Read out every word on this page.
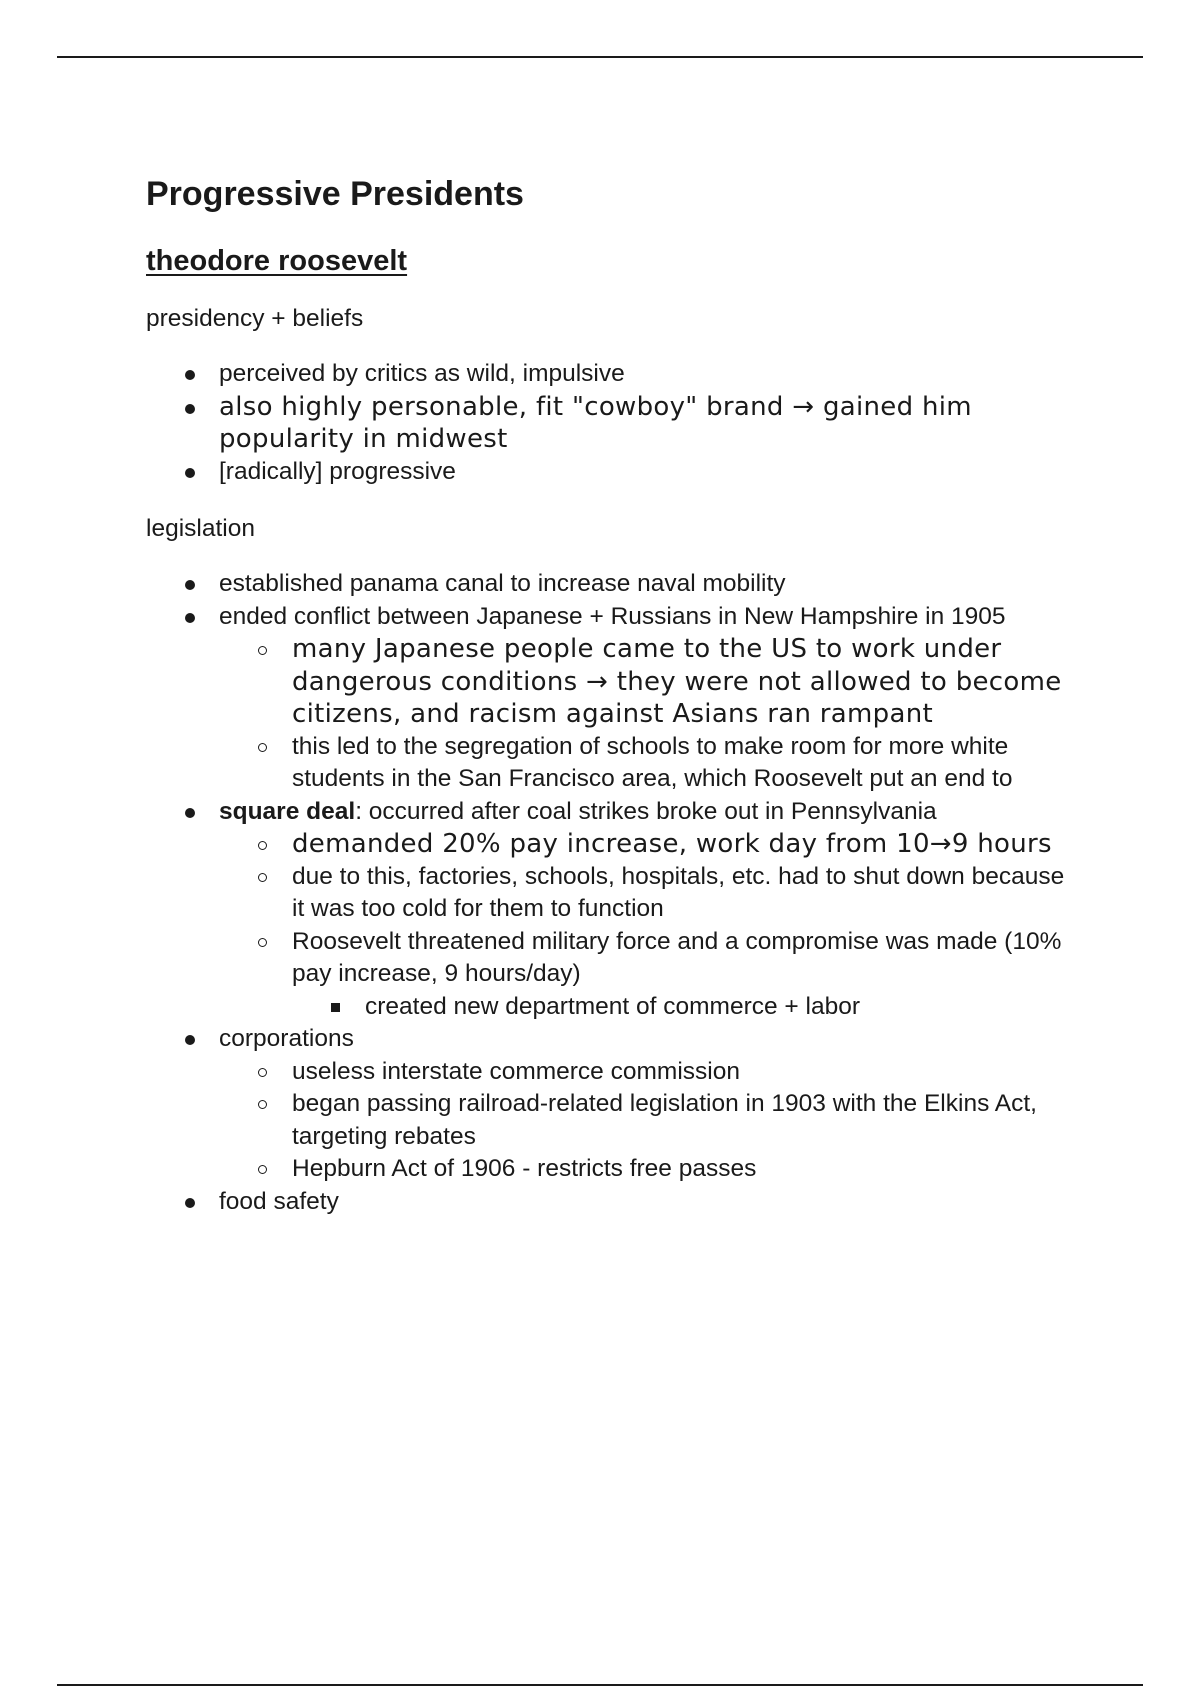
Progressive Presidents
theodore roosevelt

presidency + beliefs

perceived by critics as wild, impulsive
also highly personable, fit "cowboy" brand → gained him popularity in midwest
[radically] progressive

legislation

established panama canal to increase naval mobility
ended conflict between Japanese + Russians in New Hampshire in 1905
many Japanese people came to the US to work under dangerous conditions → they were not allowed to become citizens, and racism against Asians ran rampant
this led to the segregation of schools to make room for more white students in the San Francisco area, which Roosevelt put an end to
square deal: occurred after coal strikes broke out in Pennsylvania
demanded 20% pay increase, work day from 10→9 hours
due to this, factories, schools, hospitals, etc. had to shut down because it was too cold for them to function
Roosevelt threatened military force and a compromise was made (10% pay increase, 9 hours/day)
created new department of commerce + labor
corporations
useless interstate commerce commission
began passing railroad-related legislation in 1903 with the Elkins Act, targeting rebates
Hepburn Act of 1906 - restricts free passes
food safety
